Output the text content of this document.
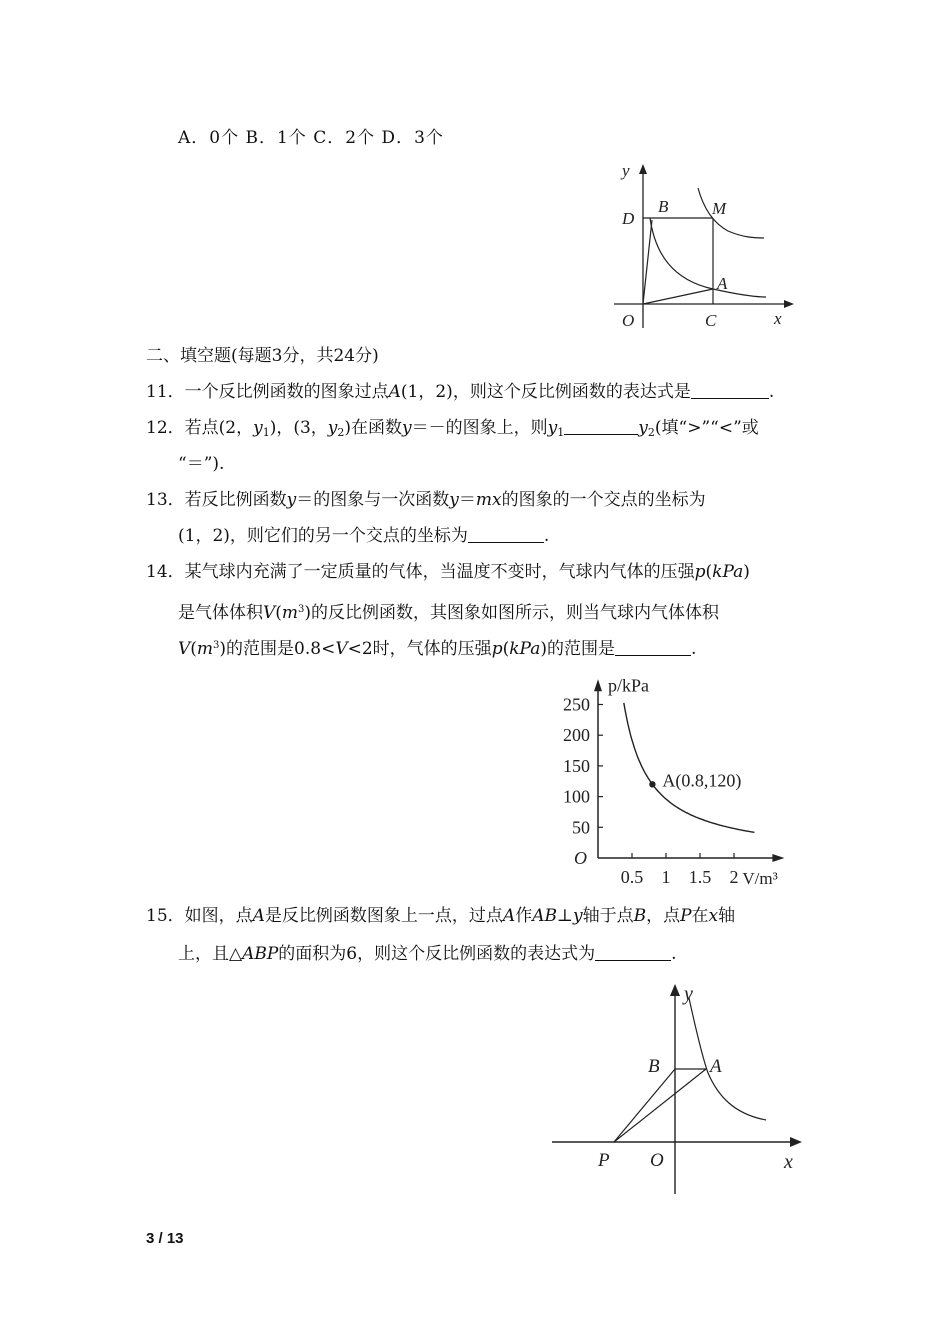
A．0个 B．1个 C．2个 D．3个
y
x
O
B	M
D
A
C
二、填空题(每题3分，共24分)
11．一个反比例函数的图象过点A(1，2)，则这个反比例函数的表达式是	.
12．若点(2，$y_1$)，(3，$y_2$)在函数y＝－的图象上，则$y_1$	$y_2$(填“>”“<”或
“＝”).
13．若反比例函数y＝的图象与一次函数y＝mx的图象的一个交点的坐标为
(1，2)，则它们的另一个交点的坐标为	.
14．某气球内充满了一定质量的气体，当温度不变时，气球内气体的压强p(kPa)
是气体体积$V(m^3)$的反比例函数，其图象如图所示，则当气球内气体体积
$V(m^3)$的范围是0.8<V<2时，气体的压强p(kPa)的范围是	.
p/kPa
V/m³
O
0.5 1 1.5 2
50
100
150
200
250
A(0.8,120)
15．如图，点A是反比例函数图象上一点，过点A作AB⊥y轴于点B，点P在x轴
上，且△ABP的面积为6，则这个反比例函数的表达式为	.
y
x
O
B	A
P
3 / 13
